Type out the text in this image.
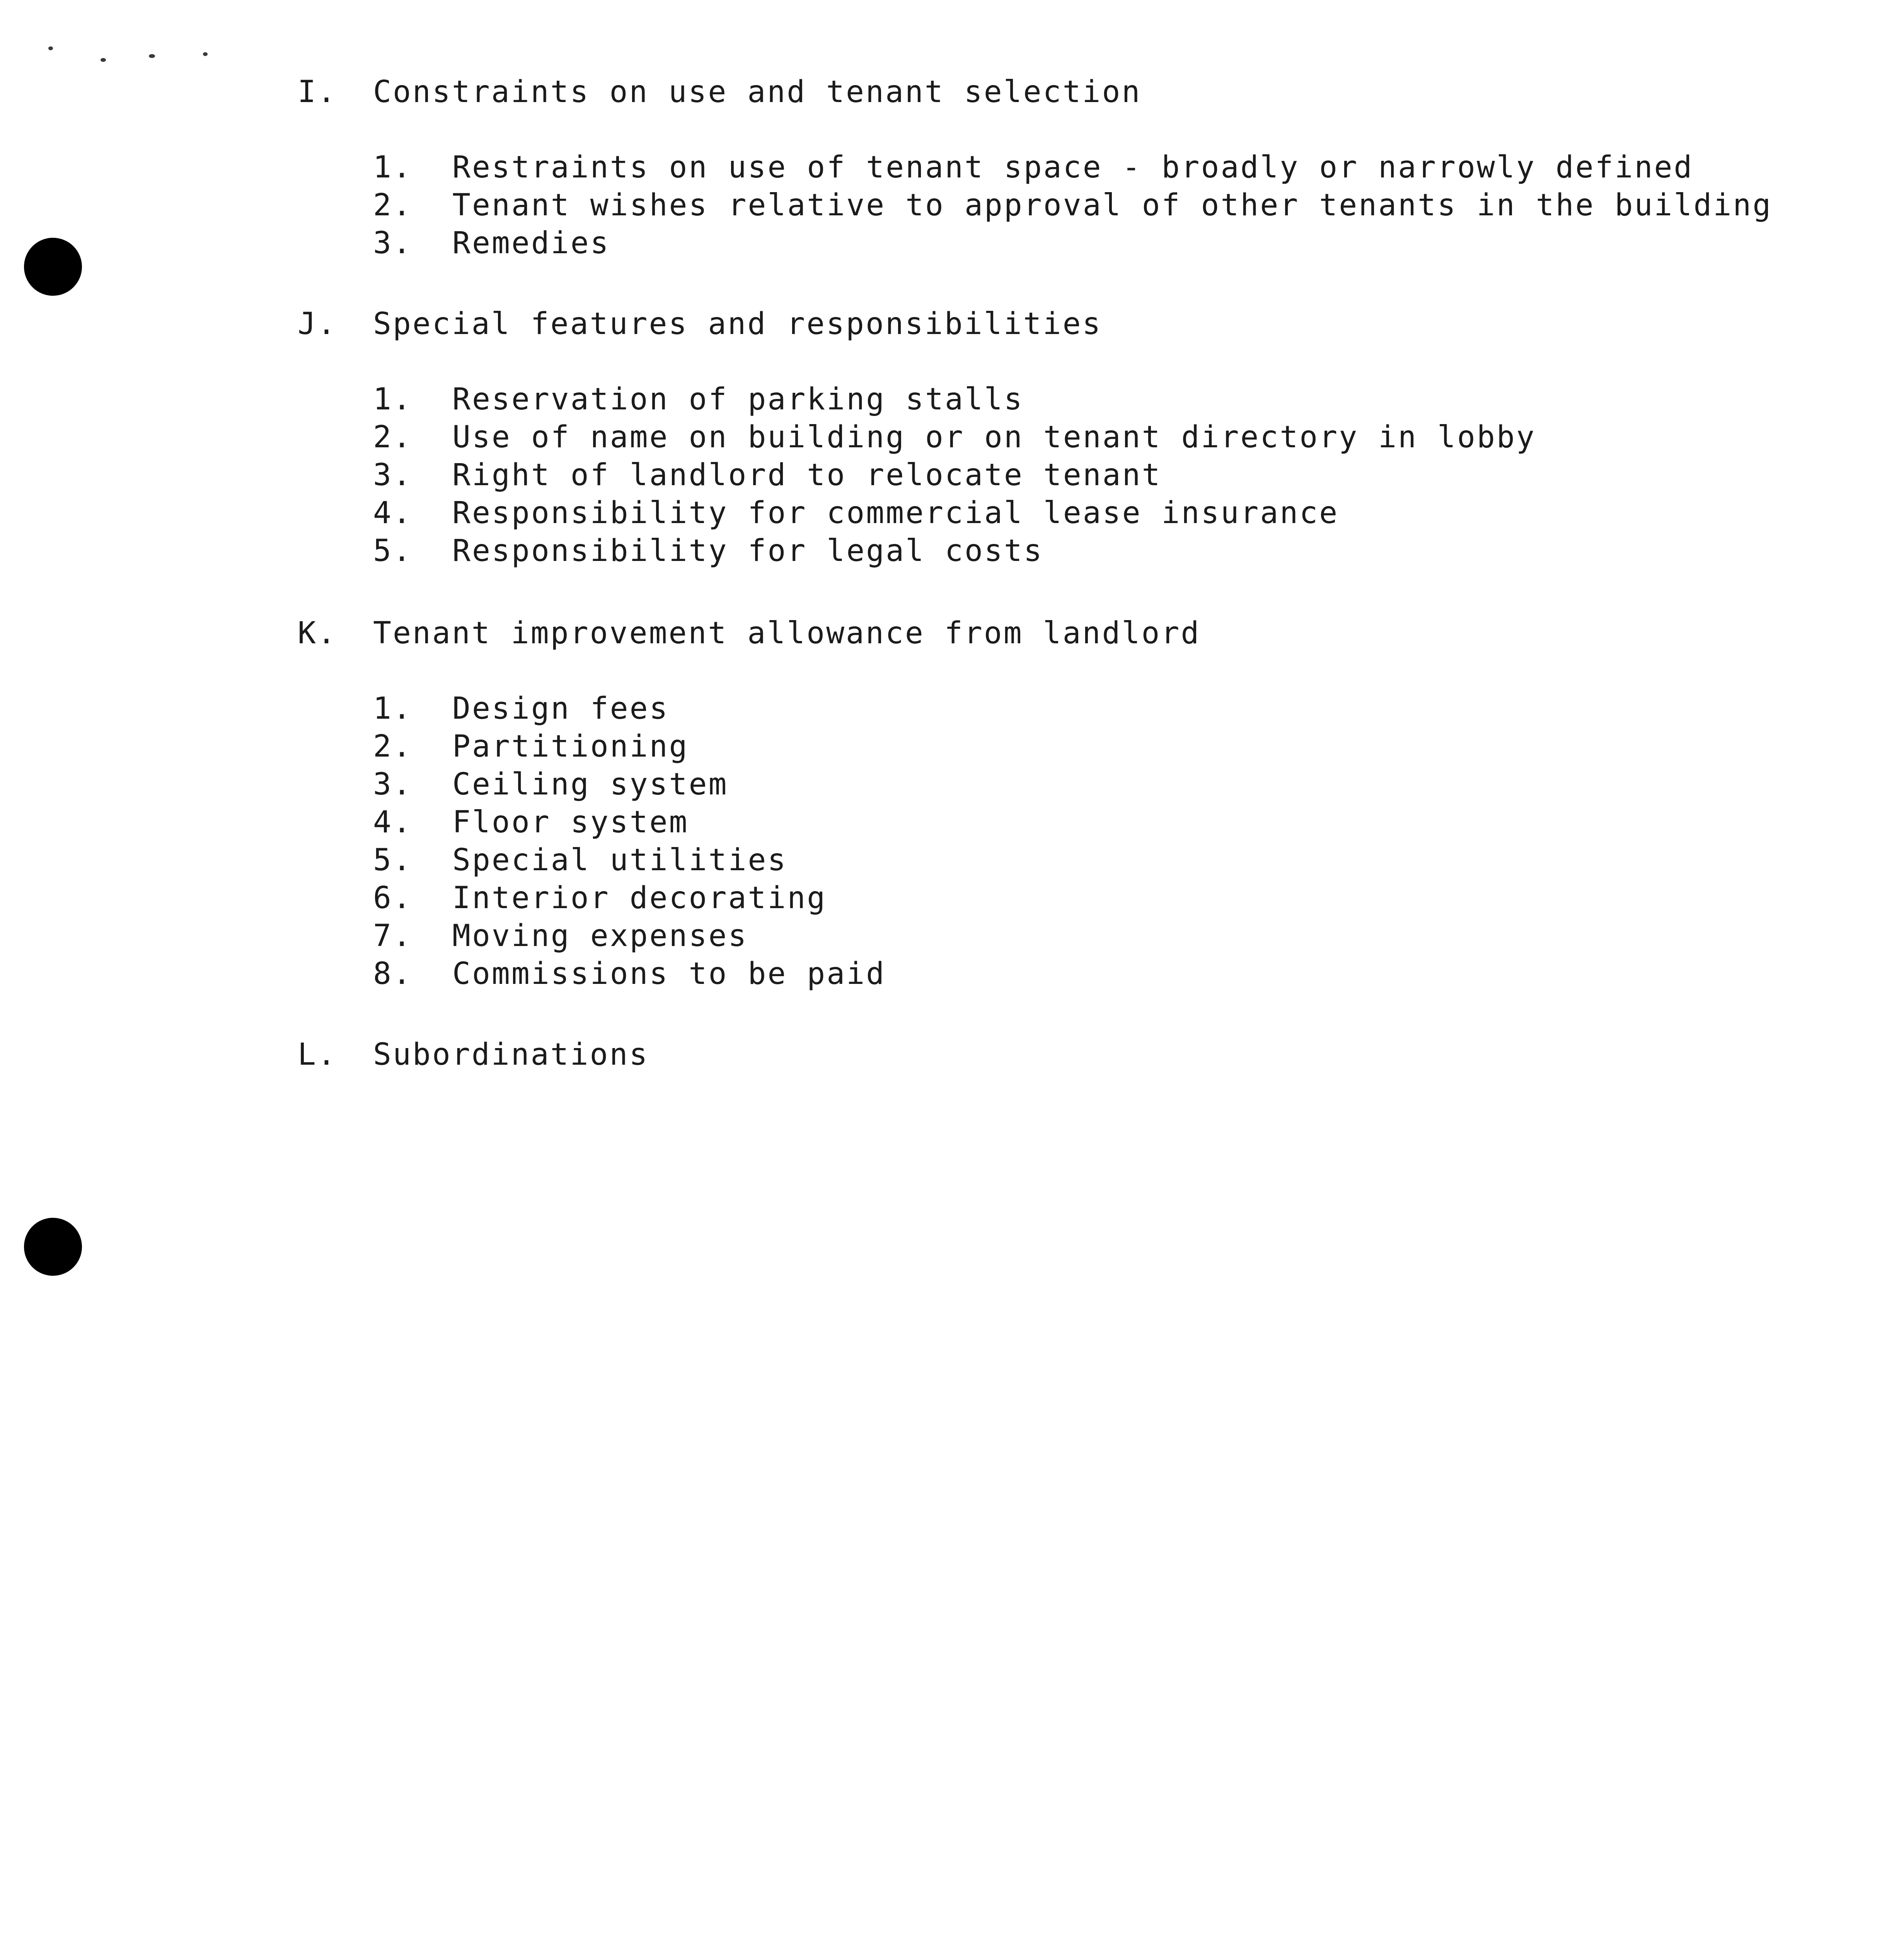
I. Constraints on use and tenant selection
1. Restraints on use of tenant space - broadly or narrowly defined
2. Tenant wishes relative to approval of other tenants in the building
3. Remedies
J. Special features and responsibilities
1. Reservation of parking stalls
2. Use of name on building or on tenant directory in lobby
3. Right of landlord to relocate tenant
4. Responsibility for commercial lease insurance
5. Responsibility for legal costs
K. Tenant improvement allowance from landlord
1. Design fees
2. Partitioning
3. Ceiling system
4. Floor system
5. Special utilities
6. Interior decorating
7. Moving expenses
8. Commissions to be paid
L. Subordinations
